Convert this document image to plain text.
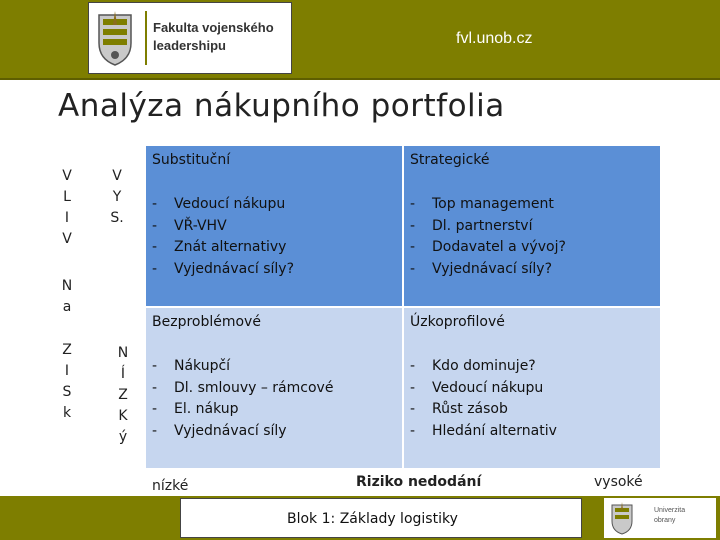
Fakulta vojenského leadershipu	fvl.unob.cz
Analýza nákupního portfolia
V L I V
V Y S.
N a
Z I S k
N Í Z K ý
Substituční
- Vedoucí nákupu
- VŘ-VHV
- Znát alternativy
- Vyjednávací síly?
Strategické
- Top management
- Dl. partnerství
- Dodavatel a vývoj?
- Vyjednávací síly?
Bezproblémové
- Nákupčí
- Dl. smlouvy – rámcové
- El. nákup
- Vyjednávací síly
Úzkoprofilové
- Kdo dominuje?
- Vedoucí nákupu
- Růst zásob
- Hledání alternativ
nízké	Riziko nedodání	vysoké
Blok 1: Základy logistiky
Univerzita obrany
